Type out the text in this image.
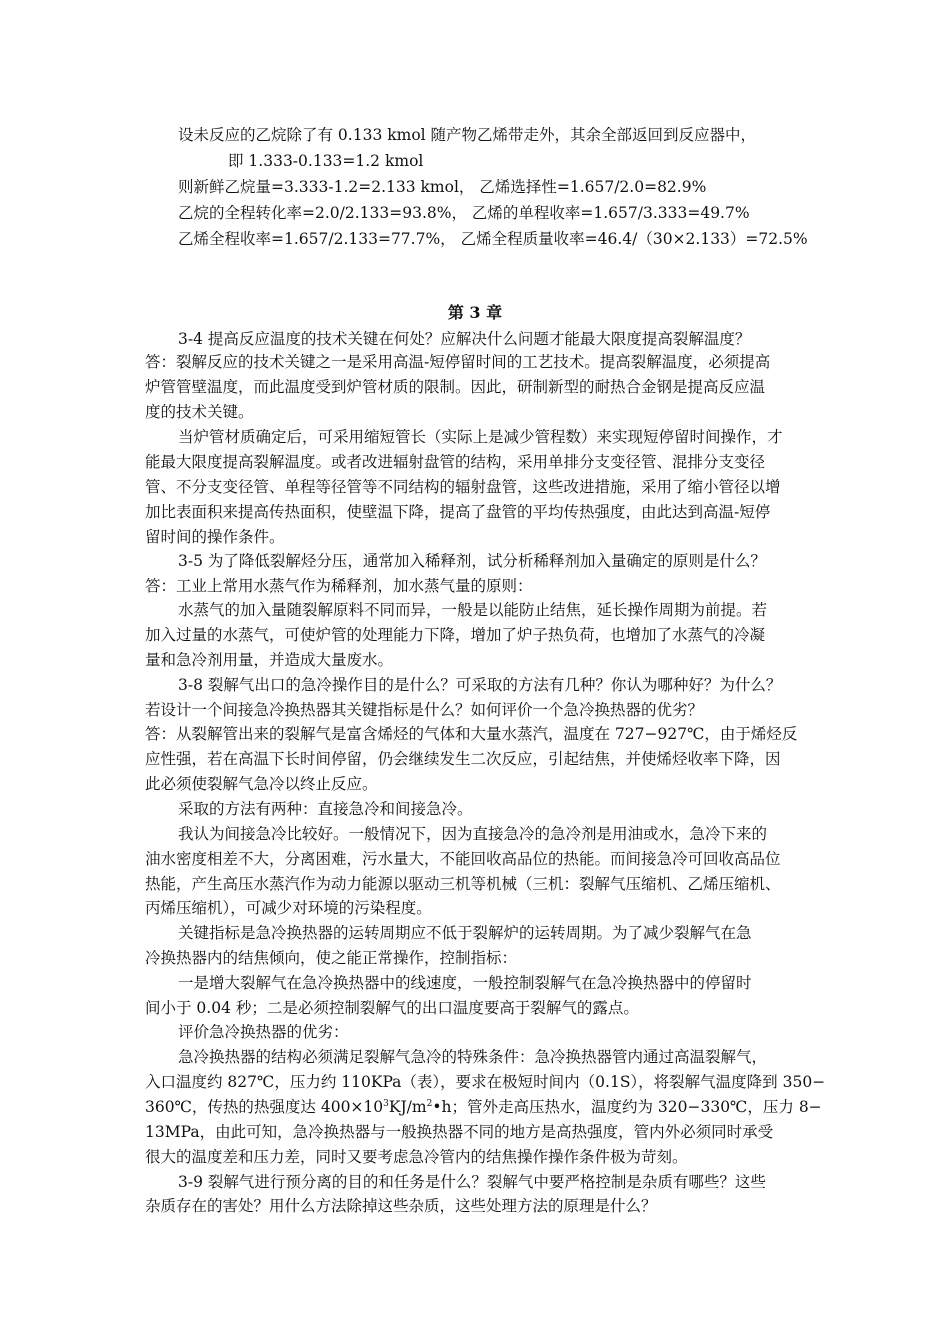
设未反应的乙烷除了有 0.133 kmol 随产物乙烯带走外，其余全部返回到反应器中，
即 1.333-0.133=1.2 kmol
则新鲜乙烷量=3.333-1.2=2.133 kmol， 乙烯选择性=1.657/2.0=82.9%
乙烷的全程转化率=2.0/2.133=93.8%， 乙烯的单程收率=1.657/3.333=49.7%
乙烯全程收率=1.657/2.133=77.7%， 乙烯全程质量收率=46.4/（30×2.133）=72.5%
第 3 章
3-4 提高反应温度的技术关键在何处？应解决什么问题才能最大限度提高裂解温度？
答：裂解反应的技术关键之一是采用高温-短停留时间的工艺技术。提高裂解温度，必须提高
炉管管壁温度，而此温度受到炉管材质的限制。因此，研制新型的耐热合金钢是提高反应温
度的技术关键。
当炉管材质确定后，可采用缩短管长（实际上是减少管程数）来实现短停留时间操作，才
能最大限度提高裂解温度。或者改进辐射盘管的结构，采用单排分支变径管、混排分支变径
管、不分支变径管、单程等径管等不同结构的辐射盘管，这些改进措施，采用了缩小管径以增
加比表面积来提高传热面积，使壁温下降，提高了盘管的平均传热强度，由此达到高温-短停
留时间的操作条件。
3-5 为了降低裂解烃分压，通常加入稀释剂，试分析稀释剂加入量确定的原则是什么？
答：工业上常用水蒸气作为稀释剂，加水蒸气量的原则：
水蒸气的加入量随裂解原料不同而异，一般是以能防止结焦，延长操作周期为前提。若
加入过量的水蒸气，可使炉管的处理能力下降，增加了炉子热负荷，也增加了水蒸气的冷凝
量和急冷剂用量，并造成大量废水。
3-8 裂解气出口的急冷操作目的是什么？可采取的方法有几种？你认为哪种好？为什么？
若设计一个间接急冷换热器其关键指标是什么？如何评价一个急冷换热器的优劣？
答：从裂解管出来的裂解气是富含烯烃的气体和大量水蒸汽，温度在 727−927℃，由于烯烃反
应性强，若在高温下长时间停留，仍会继续发生二次反应，引起结焦，并使烯烃收率下降，因
此必须使裂解气急冷以终止反应。
采取的方法有两种：直接急冷和间接急冷。
我认为间接急冷比较好。一般情况下，因为直接急冷的急冷剂是用油或水，急冷下来的
油水密度相差不大，分离困难，污水量大，不能回收高品位的热能。而间接急冷可回收高品位
热能，产生高压水蒸汽作为动力能源以驱动三机等机械（三机：裂解气压缩机、乙烯压缩机、
丙烯压缩机），可减少对环境的污染程度。
关键指标是急冷换热器的运转周期应不低于裂解炉的运转周期。为了减少裂解气在急
冷换热器内的结焦倾向，使之能正常操作，控制指标：
一是增大裂解气在急冷换热器中的线速度，一般控制裂解气在急冷换热器中的停留时
间小于 0.04 秒；二是必须控制裂解气的出口温度要高于裂解气的露点。
评价急冷换热器的优劣：
急冷换热器的结构必须满足裂解气急冷的特殊条件：急冷换热器管内通过高温裂解气，
入口温度约 827℃，压力约 110KPa（表），要求在极短时间内（0.1S），将裂解气温度降到 350−
360℃，传热的热强度达 $400\times 10^3KJ/m^2•h$；管外走高压热水，温度约为 320−330℃，压力 8−
13MPa，由此可知，急冷换热器与一般换热器不同的地方是高热强度，管内外必须同时承受
很大的温度差和压力差，同时又要考虑急冷管内的结焦操作操作条件极为苛刻。
3-9 裂解气进行预分离的目的和任务是什么？裂解气中要严格控制是杂质有哪些？这些
杂质存在的害处？用什么方法除掉这些杂质，这些处理方法的原理是什么？
